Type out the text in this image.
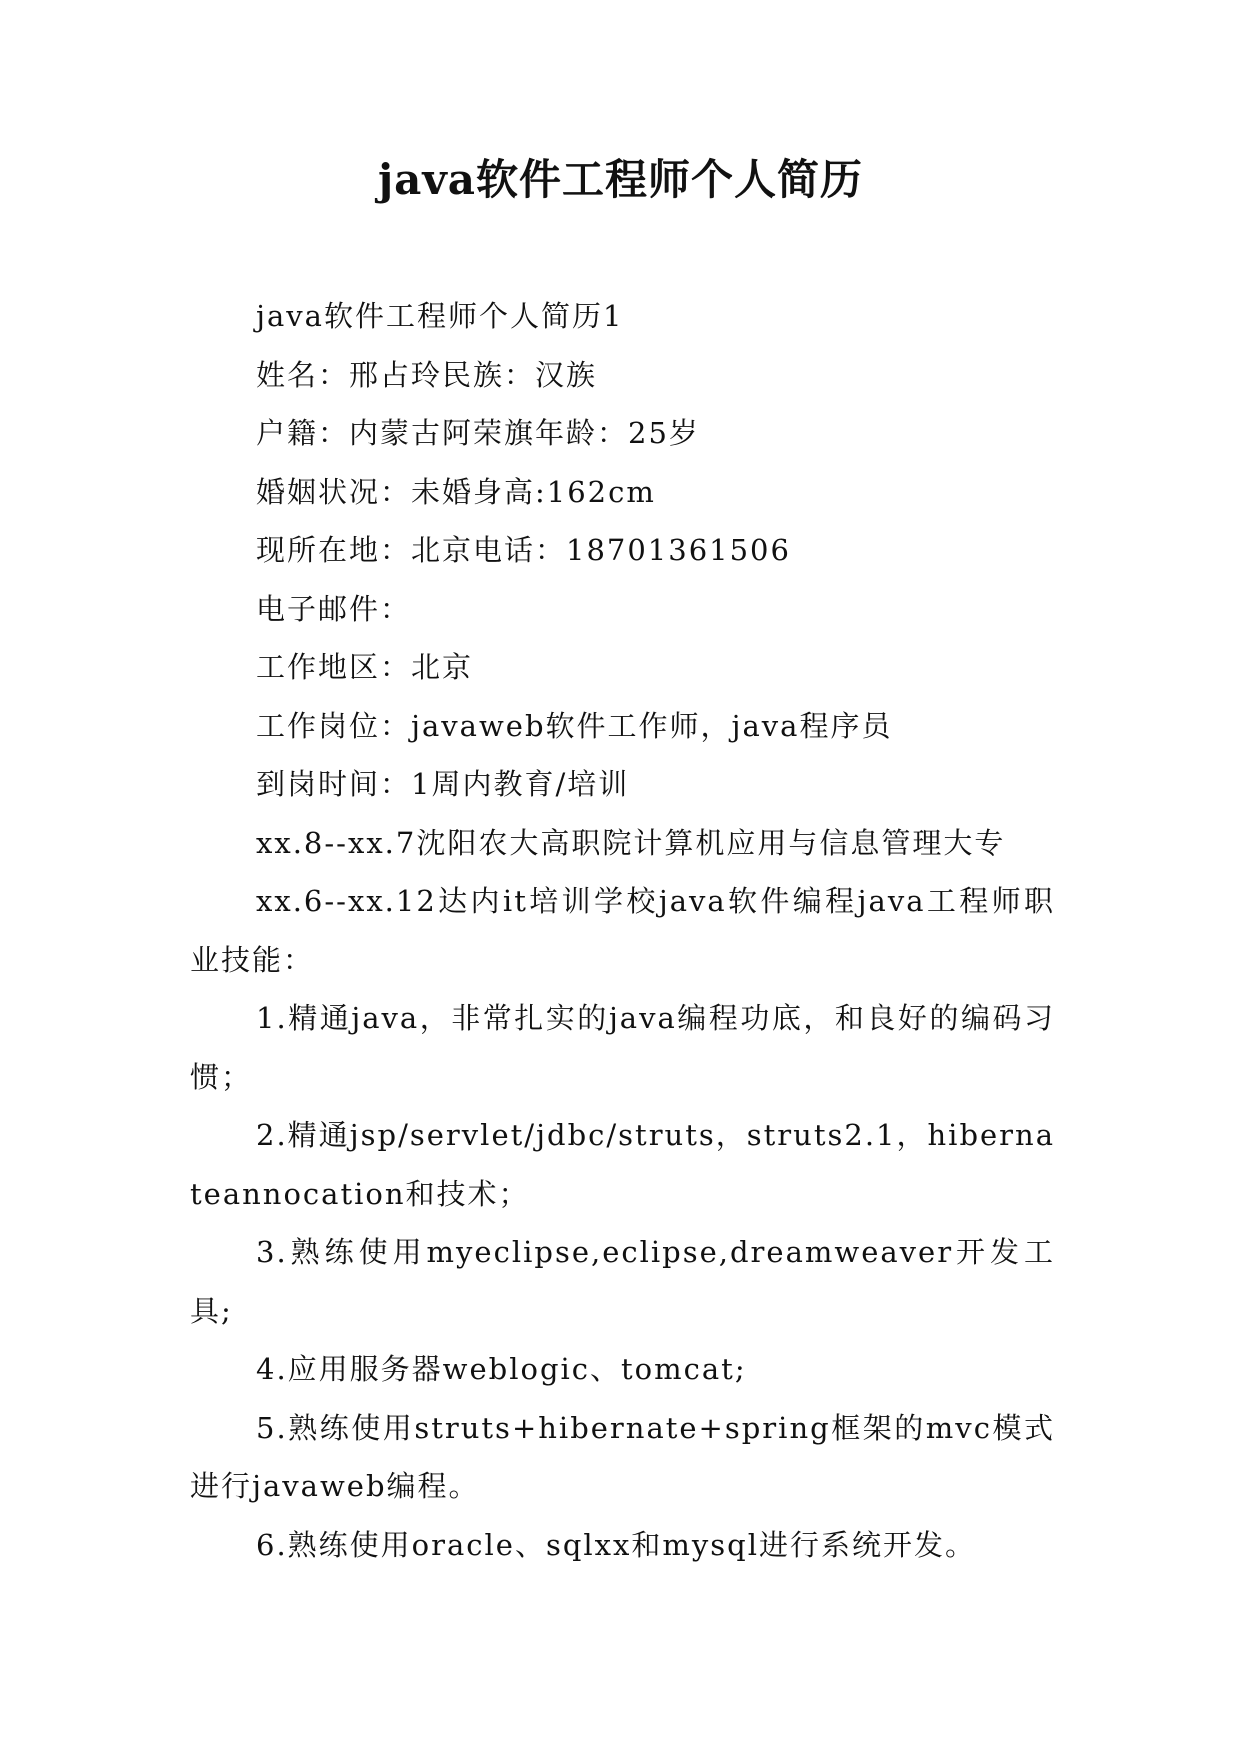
java软件工程师个人简历

java软件工程师个人简历1

姓名：邢占玲民族：汉族

户籍：内蒙古阿荣旗年龄：25岁

婚姻状况：未婚身高:162cm

现所在地：北京电话：18701361506

电子邮件：

工作地区：北京

工作岗位：javaweb软件工作师，java程序员

到岗时间：1周内教育/培训

xx.8--xx.7沈阳农大高职院计算机应用与信息管理大专

xx.6--xx.12达内it培训学校java软件编程java工程师职业技能：

1.精通java，非常扎实的java编程功底，和良好的编码习惯；

2.精通jsp/servlet/jdbc/struts，struts2.1，hibernateannocation和技术；

3.熟练使用myeclipse,eclipse,dreamweaver开发工具;

4.应用服务器weblogic、tomcat;

5.熟练使用struts+hibernate+spring框架的mvc模式进行javaweb编程。

6.熟练使用oracle、sqlxx和mysql进行系统开发。
